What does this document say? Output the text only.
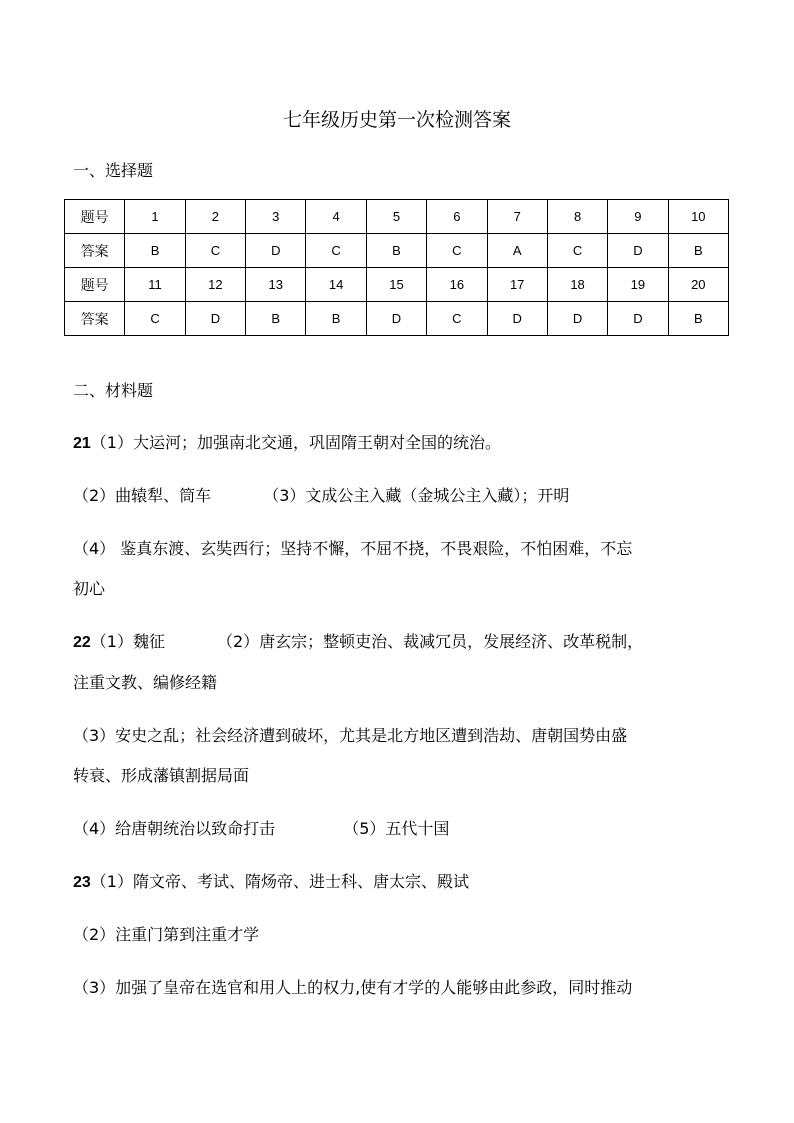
七年级历史第一次检测答案
一、选择题
题号	1	2	3	4	5	6	7	8	9	10
答案	B	C	D	C	B	C	A	C	D	B
题号	11	12	13	14	15	16	17	18	19	20
答案	C	D	B	B	D	C	D	D	D	B
二、材料题
21（1）大运河；加强南北交通，巩固隋王朝对全国的统治。
（2）曲辕犁、筒车	（3）文成公主入藏（金城公主入藏）；开明
（4） 鉴真东渡、玄奘西行；坚持不懈，不屈不挠，不畏艰险，不怕困难，不忘
初心
22（1）魏征	（2）唐玄宗；整顿吏治、裁减冗员，发展经济、改革税制，
注重文教、编修经籍
（3）安史之乱；社会经济遭到破坏，尤其是北方地区遭到浩劫、唐朝国势由盛
转衰、形成藩镇割据局面
（4）给唐朝统治以致命打击	（5）五代十国
23（1）隋文帝、考试、隋炀帝、进士科、唐太宗、殿试
（2）注重门第到注重才学
（3）加强了皇帝在选官和用人上的权力,使有才学的人能够由此参政，同时推动
